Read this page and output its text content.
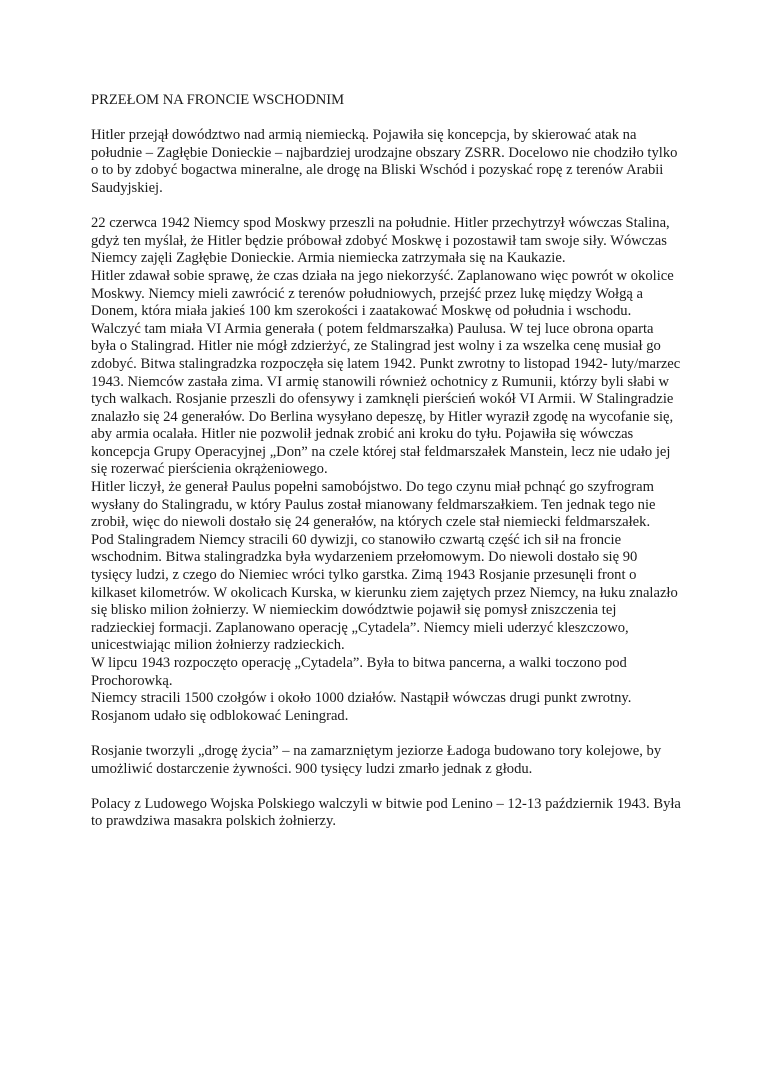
PRZEŁOM NA FRONCIE WSCHODNIM

Hitler przejął dowództwo nad armią niemiecką. Pojawiła się koncepcja, by skierować atak na południe – Zagłębie Donieckie – najbardziej urodzajne obszary ZSRR. Docelowo nie chodziło tylko o to by zdobyć bogactwa mineralne, ale drogę na Bliski Wschód i pozyskać ropę z terenów Arabii Saudyjskiej.

22 czerwca 1942 Niemcy spod Moskwy przeszli na południe. Hitler przechytrzył wówczas Stalina, gdyż ten myślał, że Hitler będzie próbował zdobyć Moskwę i pozostawił tam swoje siły. Wówczas Niemcy zajęli Zagłębie Donieckie. Armia niemiecka zatrzymała się na Kaukazie.

Hitler zdawał sobie sprawę, że czas działa na jego niekorzyść. Zaplanowano więc powrót w okolice Moskwy. Niemcy mieli zawrócić z terenów południowych, przejść przez lukę między Wołgą a Donem, która miała jakieś 100 km szerokości i zaatakować Moskwę od południa i wschodu. Walczyć tam miała VI Armia generała ( potem feldmarszałka) Paulusa. W tej luce obrona oparta była o Stalingrad. Hitler nie mógł zdzierżyć, ze Stalingrad jest wolny i za wszelka cenę musiał go zdobyć. Bitwa stalingradzka rozpoczęła się latem 1942. Punkt zwrotny to listopad 1942- luty/marzec 1943. Niemców zastała zima. VI armię stanowili również ochotnicy z Rumunii, którzy byli słabi w tych walkach. Rosjanie przeszli do ofensywy i zamknęli pierścień wokół VI Armii. W Stalingradzie znalazło się 24 generałów. Do Berlina wysyłano depeszę, by Hitler wyraził zgodę na wycofanie się, aby armia ocalała. Hitler nie pozwolił jednak zrobić ani kroku do tyłu. Pojawiła się wówczas koncepcja Grupy Operacyjnej „Don” na czele której stał feldmarszałek Manstein, lecz nie udało jej się rozerwać pierścienia okrążeniowego.

Hitler liczył, że generał Paulus popełni samobójstwo. Do tego czynu miał pchnąć go szyfrogram wysłany do Stalingradu, w który Paulus został mianowany feldmarszałkiem. Ten jednak tego nie zrobił, więc do niewoli dostało się 24 generałów, na których czele stał niemiecki feldmarszałek.

Pod Stalingradem Niemcy stracili 60 dywizji, co stanowiło czwartą część ich sił na froncie wschodnim. Bitwa stalingradzka była wydarzeniem przełomowym. Do niewoli dostało się 90 tysięcy ludzi, z czego do Niemiec wróci tylko garstka. Zimą 1943 Rosjanie przesunęli front o kilkaset kilometrów. W okolicach Kurska, w kierunku ziem zajętych przez Niemcy, na łuku znalazło się blisko milion żołnierzy. W niemieckim dowództwie pojawił się pomysł zniszczenia tej radzieckiej formacji. Zaplanowano operację „Cytadela”. Niemcy mieli uderzyć kleszczowo, unicestwiając milion żołnierzy radzieckich.

W lipcu 1943 rozpoczęto operację „Cytadela”. Była to bitwa pancerna, a walki toczono pod Prochorowką.

Niemcy stracili 1500 czołgów i około 1000 działów. Nastąpił wówczas drugi punkt zwrotny. Rosjanom udało się odblokować Leningrad.

Rosjanie tworzyli „drogę życia” – na zamarzniętym jeziorze Ładoga budowano tory kolejowe, by umożliwić dostarczenie żywności. 900 tysięcy ludzi zmarło jednak z głodu.

Polacy z Ludowego Wojska Polskiego walczyli w bitwie pod Lenino – 12-13 październik 1943. Była to prawdziwa masakra polskich żołnierzy.
